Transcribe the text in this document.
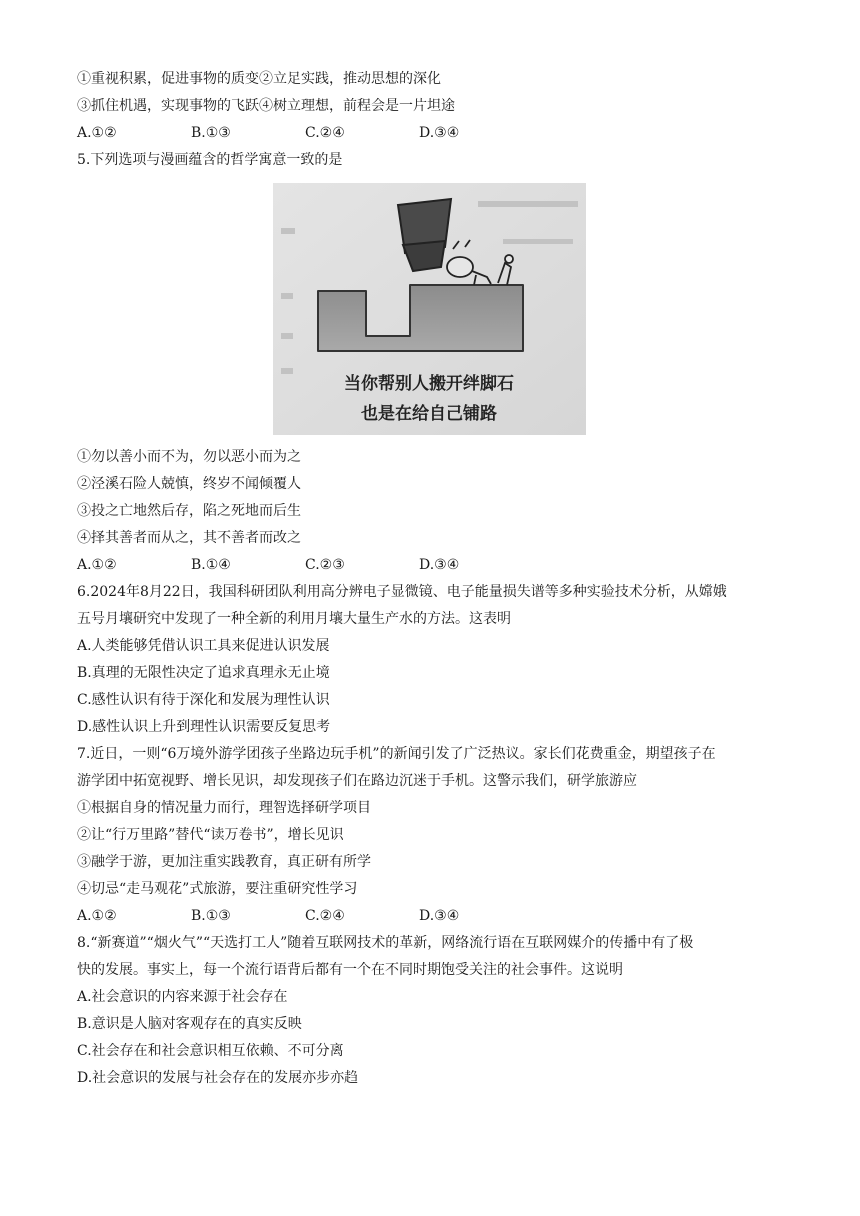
①重视积累，促进事物的质变②立足实践，推动思想的深化
③抓住机遇，实现事物的飞跃④树立理想，前程会是一片坦途
A.①②	B.①③	C.②④	D.③④
5.下列选项与漫画蕴含的哲学寓意一致的是
当你帮别人搬开绊脚石
也是在给自己铺路
①勿以善小而不为，勿以恶小而为之
②泾溪石险人兢慎，终岁不闻倾覆人
③投之亡地然后存，陷之死地而后生
④择其善者而从之，其不善者而改之
A.①②	B.①④	C.②③	D.③④
6.2024年8月22日，我国科研团队利用高分辨电子显微镜、电子能量损失谱等多种实验技术分析，从嫦娥
五号月壤研究中发现了一种全新的利用月壤大量生产水的方法。这表明
A.人类能够凭借认识工具来促进认识发展
B.真理的无限性决定了追求真理永无止境
C.感性认识有待于深化和发展为理性认识
D.感性认识上升到理性认识需要反复思考
7.近日，一则“6万境外游学团孩子坐路边玩手机”的新闻引发了广泛热议。家长们花费重金，期望孩子在
游学团中拓宽视野、增长见识，却发现孩子们在路边沉迷于手机。这警示我们，研学旅游应
①根据自身的情况量力而行，理智选择研学项目
②让“行万里路”替代“读万卷书”，增长见识
③融学于游，更加注重实践教育，真正研有所学
④切忌“走马观花”式旅游，要注重研究性学习
A.①②	B.①③	C.②④	D.③④
8.“新赛道”“烟火气”“天选打工人”随着互联网技术的革新，网络流行语在互联网媒介的传播中有了极
快的发展。事实上，每一个流行语背后都有一个在不同时期饱受关注的社会事件。这说明
A.社会意识的内容来源于社会存在
B.意识是人脑对客观存在的真实反映
C.社会存在和社会意识相互依赖、不可分离
D.社会意识的发展与社会存在的发展亦步亦趋
